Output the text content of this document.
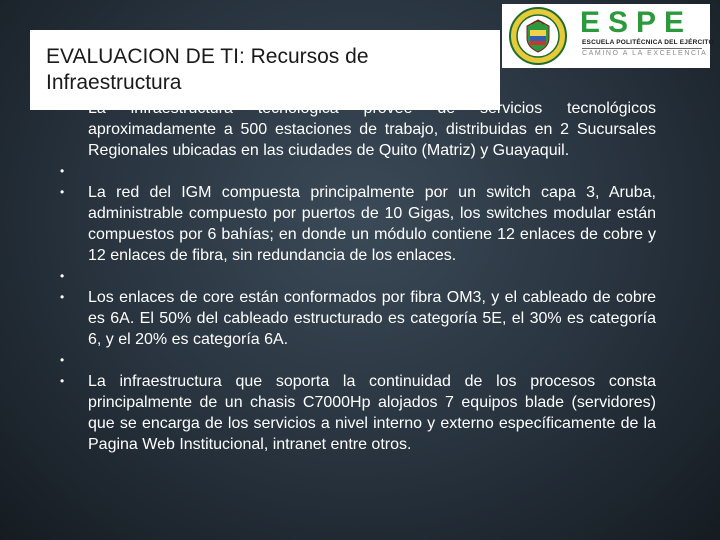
EVALUACION DE TI: Recursos de Infraestructura
ESPE
ESCUELA POLITÉCNICA DEL EJÉRCITO
CAMINO A LA EXCELENCIA
•	La infraestructura tecnológica provee de servicios tecnológicos aproximadamente a 500 estaciones de trabajo, distribuidas en 2 Sucursales Regionales ubicadas en las ciudades de Quito (Matriz) y Guayaquil.
•
•	La red del IGM compuesta principalmente por un switch capa 3, Aruba, administrable compuesto por puertos de 10 Gigas, los switches modular están compuestos por 6 bahías; en donde un módulo contiene 12 enlaces de cobre y 12 enlaces de fibra, sin redundancia de los enlaces.
•
•	Los enlaces de core están conformados por fibra OM3, y el cableado de cobre es 6A. El 50% del cableado estructurado es categoría 5E, el 30% es categoría 6, y el 20% es categoría 6A.
•
•	La infraestructura que soporta la continuidad de los procesos consta principalmente de un chasis C7000Hp alojados 7 equipos blade (servidores) que se encarga de los servicios a nivel interno y externo específicamente de la Pagina Web Institucional, intranet entre otros.
